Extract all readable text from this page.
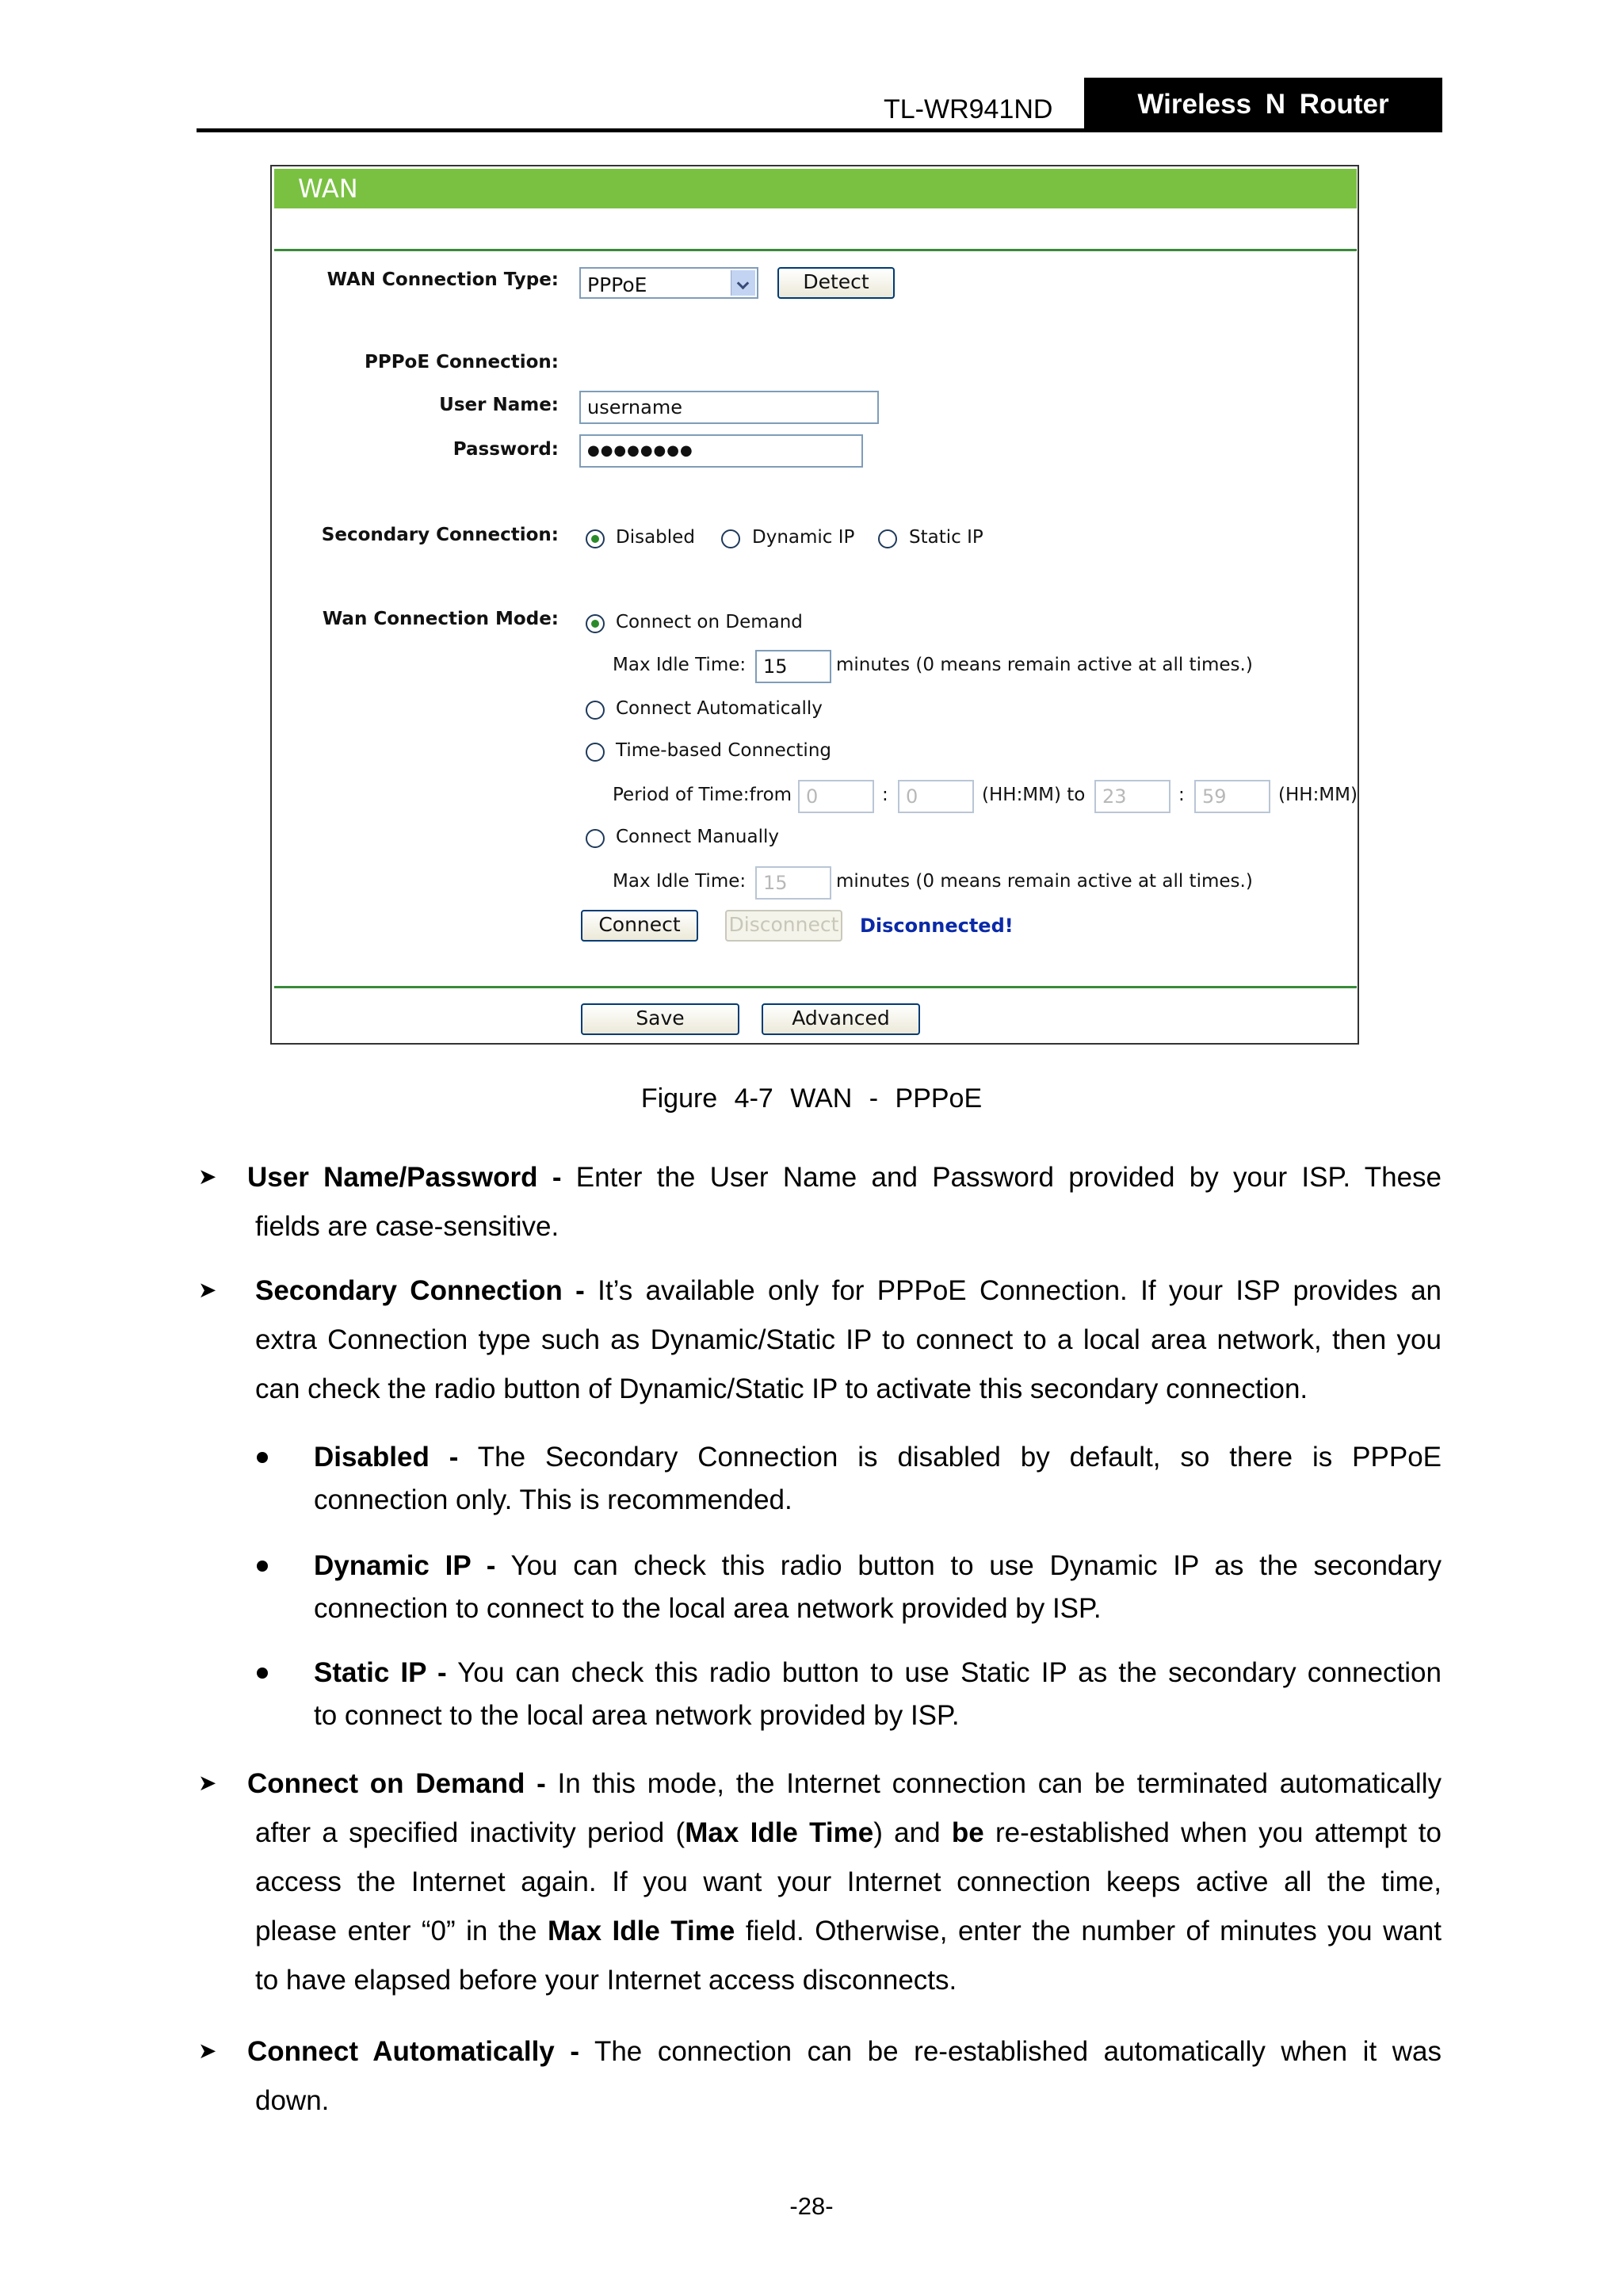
TL-WR941ND	Wireless N Router
WAN
WAN Connection Type: PPPoE	Detect
PPPoE Connection:
User Name:	username
Password:	●●●●●●●●
Secondary Connection:	Disabled	Dynamic IP	Static IP
Wan Connection Mode:	Connect on Demand
Max Idle Time: 15	minutes (0 means remain active at all times.)
Connect Automatically
Time-based Connecting
Period of Time:from 0	: 0	(HH:MM) to 23	: 59	(HH:MM)
Connect Manually
Max Idle Time: 15	minutes (0 means remain active at all times.)
Connect	Disconnect Disconnected!
Save	Advanced
Figure 4-7 WAN - PPPoE
➤ User Name/Password - Enter the User Name and Password provided by your ISP. These
fields are case-sensitive.
➤ Secondary Connection - It’s available only for PPPoE Connection. If your ISP provides an
extra Connection type such as Dynamic/Static IP to connect to a local area network, then you
can check the radio button of Dynamic/Static IP to activate this secondary connection.
Disabled - The Secondary Connection is disabled by default, so there is PPPoE
connection only. This is recommended.
Dynamic IP - You can check this radio button to use Dynamic IP as the secondary
connection to connect to the local area network provided by ISP.
Static IP - You can check this radio button to use Static IP as the secondary connection
to connect to the local area network provided by ISP.
➤ Connect on Demand - In this mode, the Internet connection can be terminated automatically
after a specified inactivity period (Max Idle Time) and be re-established when you attempt to
access the Internet again. If you want your Internet connection keeps active all the time,
please enter “0” in the Max Idle Time field. Otherwise, enter the number of minutes you want
to have elapsed before your Internet access disconnects.
➤ Connect Automatically - The connection can be re-established automatically when it was
down.
-28-
